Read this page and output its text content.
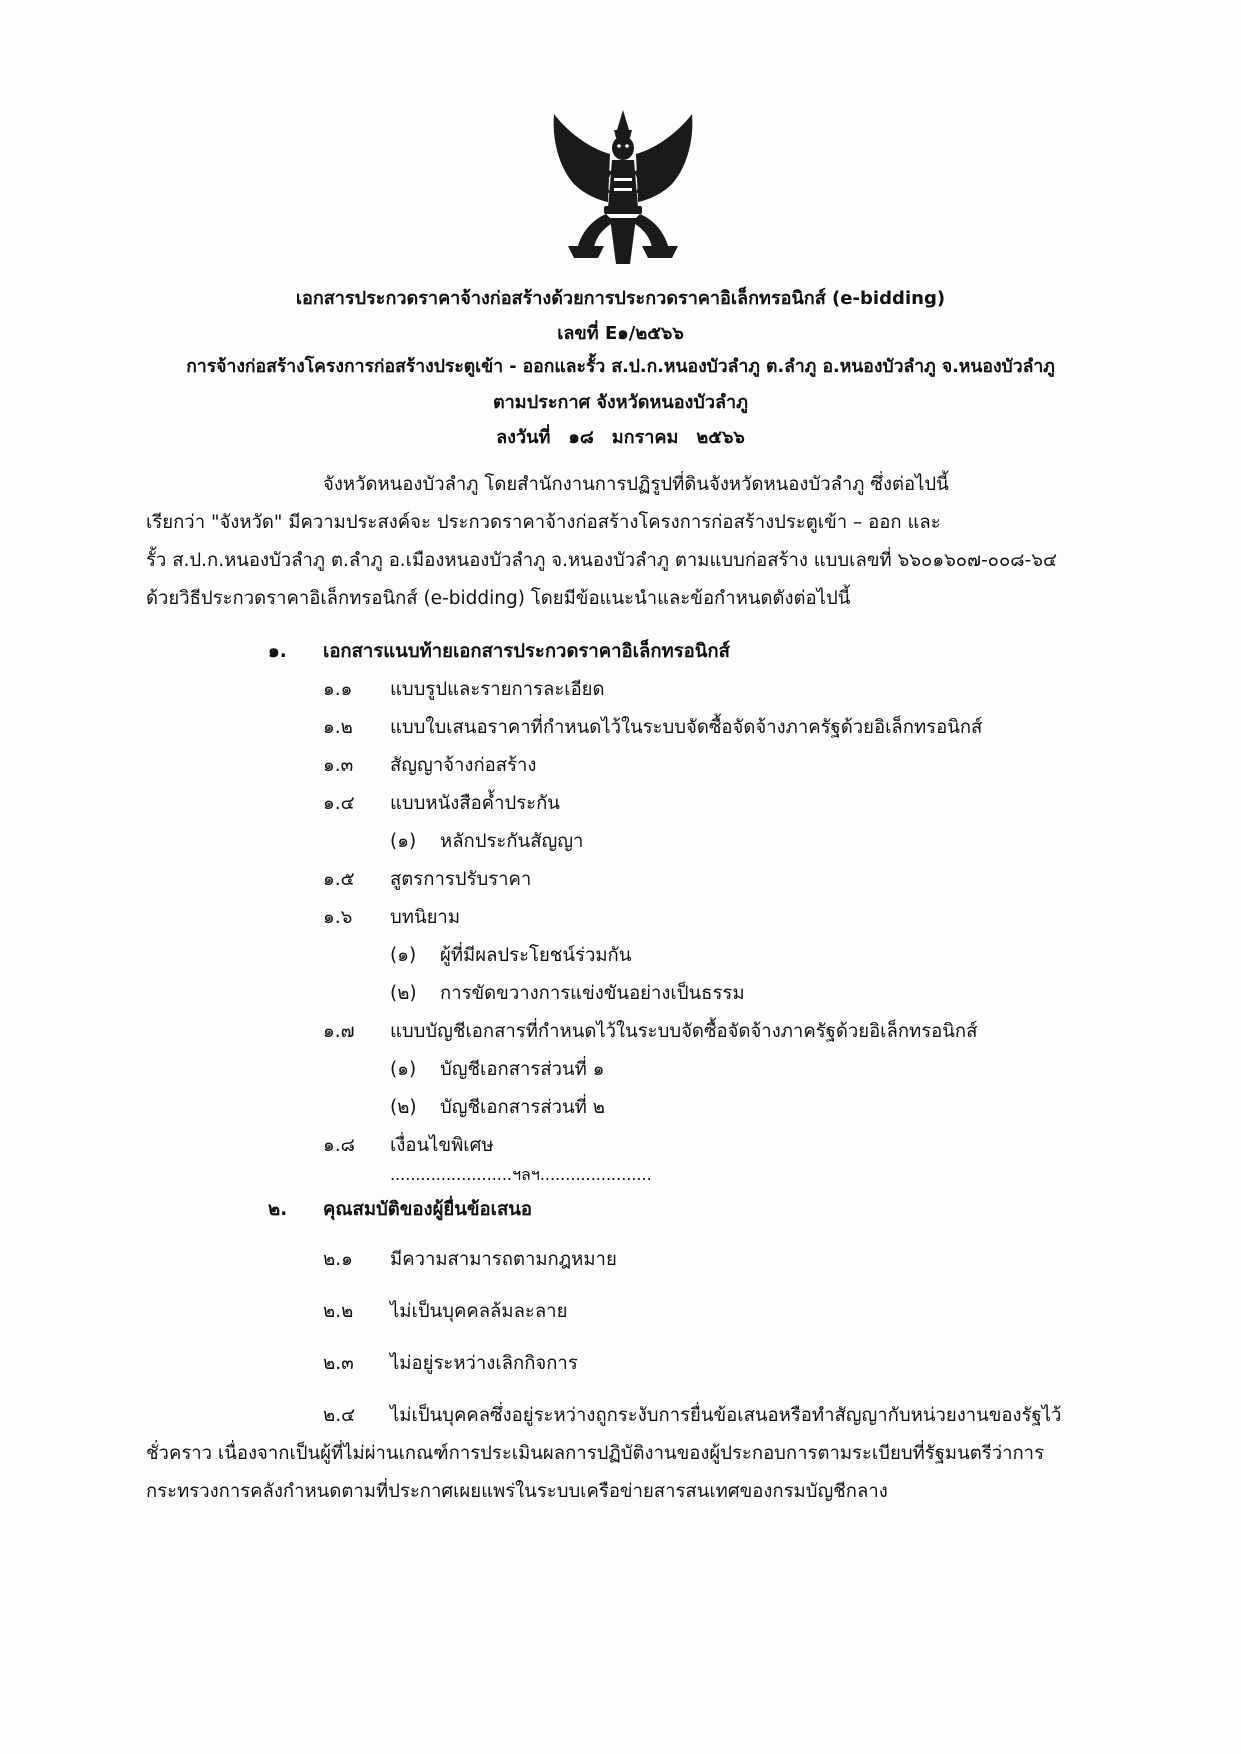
เอกสารประกวดราคาจ้างก่อสร้างด้วยการประกวดราคาอิเล็กทรอนิกส์ (e-bidding)
เลขที่ E๑/๒๕๖๖
การจ้างก่อสร้างโครงการก่อสร้างประตูเข้า - ออกและรั้ว ส.ป.ก.หนองบัวลำภู ต.ลำภู อ.หนองบัวลำภู จ.หนองบัวลำภู
ตามประกาศ จังหวัดหนองบัวลำภู
ลงวันที่ ๑๘ มกราคม ๒๕๖๖
จังหวัดหนองบัวลำภู โดยสำนักงานการปฏิรูปที่ดินจังหวัดหนองบัวลำภู ซึ่งต่อไปนี้
เรียกว่า "จังหวัด" มีความประสงค์จะ ประกวดราคาจ้างก่อสร้างโครงการก่อสร้างประตูเข้า – ออก และ
รั้ว ส.ป.ก.หนองบัวลำภู ต.ลำภู อ.เมืองหนองบัวลำภู จ.หนองบัวลำภู ตามแบบก่อสร้าง แบบเลขที่ ๖๖๐๑๖๐๗-๐๐๘-๖๔
ด้วยวิธีประกวดราคาอิเล็กทรอนิกส์ (e-bidding) โดยมีข้อแนะนำและข้อกำหนดดังต่อไปนี้
๑. เอกสารแนบท้ายเอกสารประกวดราคาอิเล็กทรอนิกส์
๑.๑ แบบรูปและรายการละเอียด
๑.๒ แบบใบเสนอราคาที่กำหนดไว้ในระบบจัดซื้อจัดจ้างภาครัฐด้วยอิเล็กทรอนิกส์
๑.๓ สัญญาจ้างก่อสร้าง
๑.๔ แบบหนังสือค้ำประกัน
(๑) หลักประกันสัญญา
๑.๕ สูตรการปรับราคา
๑.๖ บทนิยาม
(๑) ผู้ที่มีผลประโยชน์ร่วมกัน
(๒) การขัดขวางการแข่งขันอย่างเป็นธรรม
๑.๗ แบบบัญชีเอกสารที่กำหนดไว้ในระบบจัดซื้อจัดจ้างภาครัฐด้วยอิเล็กทรอนิกส์
(๑) บัญชีเอกสารส่วนที่ ๑
(๒) บัญชีเอกสารส่วนที่ ๒
๑.๘ เงื่อนไขพิเศษ
........................ฯลฯ......................
๒. คุณสมบัติของผู้ยื่นข้อเสนอ
๒.๑ มีความสามารถตามกฎหมาย
๒.๒ ไม่เป็นบุคคลล้มละลาย
๒.๓ ไม่อยู่ระหว่างเลิกกิจการ
๒.๔ ไม่เป็นบุคคลซึ่งอยู่ระหว่างถูกระงับการยื่นข้อเสนอหรือทำสัญญากับหน่วยงานของรัฐไว้
ชั่วคราว เนื่องจากเป็นผู้ที่ไม่ผ่านเกณฑ์การประเมินผลการปฏิบัติงานของผู้ประกอบการตามระเบียบที่รัฐมนตรีว่าการ
กระทรวงการคลังกำหนดตามที่ประกาศเผยแพร่ในระบบเครือข่ายสารสนเทศของกรมบัญชีกลาง
